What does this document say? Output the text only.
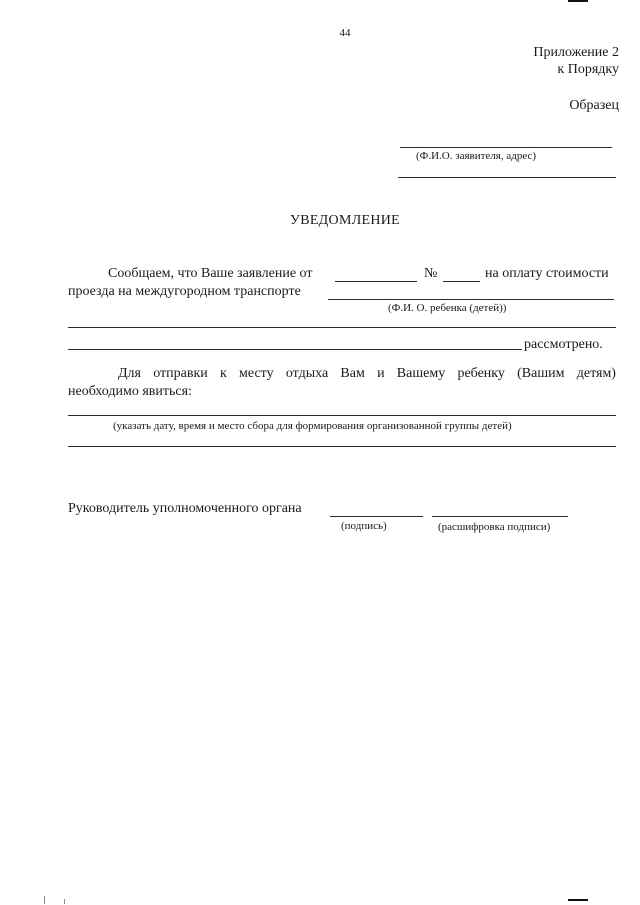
44
Приложение 2
к Порядку
Образец
(Ф.И.О. заявителя, адрес)
УВЕДОМЛЕНИЕ
Сообщаем, что Ваше заявление от	№	на оплату стоимости
проезда на междугородном транспорте
(Ф.И. О. ребенка (детей))
рассмотрено.
Для отправки к месту отдыха Вам и Вашему ребенку (Вашим детям)
необходимо явиться:
(указать дату, время и место сбора для формирования организованной группы детей)
Руководитель уполномоченного органа
(подпись)	(расшифровка подписи)
